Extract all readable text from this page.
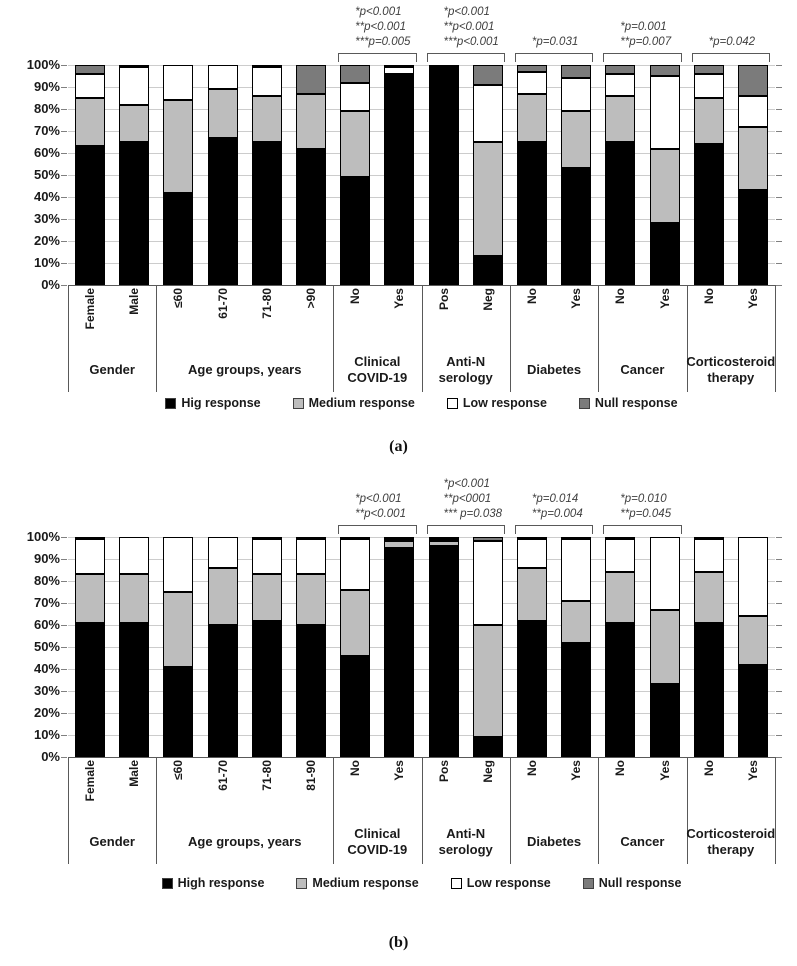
100%
90%
80%
70%
60%
50%
40%
30%
20%
10%
0%
Female	Male	≤60	61-70	71-80	>90	No	Yes	Pos	Neg	No	Yes	No	Yes	No	Yes
Gender	Age groups, years
Clinical COVID-19
Anti-N serology
Diabetes	Cancer
Corticosteroid therapy
*p<0.001
**p<0.001
***p=0.005
*p<0.001
**p<0.001
***p<0.001	*p=0.031
*p=0.001
**p=0.007	*p=0.042
Hig response	Medium response	Low response	Null response
(a)
100%
90%
80%
70%
60%
50%
40%
30%
20%
10%
0%
Female	Male	≤60	61-70	71-80	81-90	No	Yes	Pos	Neg	No	Yes	No	Yes	No	Yes
Gender	Age groups, years
Clinical COVID-19
Anti-N serology
Diabetes	Cancer
Corticosteroid therapy
*p<0.001
**p<0.001
*p<0.001
**p<0001
*** p=0.038
*p=0.014
**p=0.004
*p=0.010
**p=0.045
High response	Medium response	Low response	Null response
(b)
